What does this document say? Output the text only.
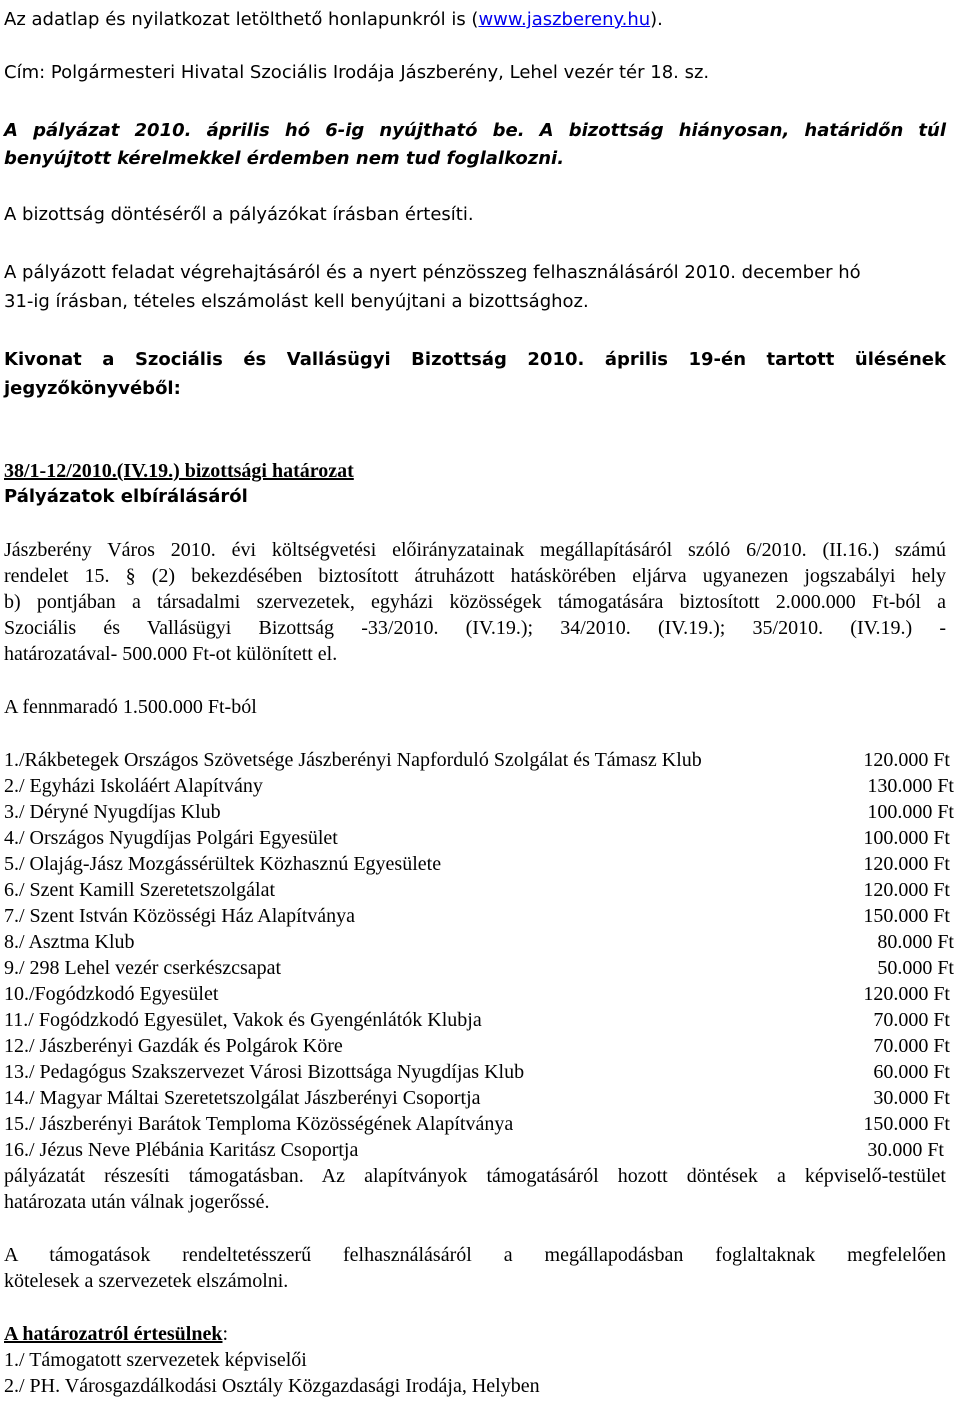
Az adatlap és nyilatkozat letölthető honlapunkról is (www.jaszbereny.hu).
Cím: Polgármesteri Hivatal Szociális Irodája Jászberény, Lehel vezér tér 18. sz.
A pályázat 2010. április hó 6-ig nyújtható be. A bizottság hiányosan, határidőn túl
benyújtott kérelmekkel érdemben nem tud foglalkozni.
A bizottság döntéséről a pályázókat írásban értesíti.
A pályázott feladat végrehajtásáról és a nyert pénzösszeg felhasználásáról 2010. december hó
31-ig írásban, tételes elszámolást kell benyújtani a bizottsághoz.
Kivonat a Szociális és Vallásügyi Bizottság 2010. április 19-én tartott ülésének
jegyzőkönyvéből:
38/1-12/2010.(IV.19.) bizottsági határozat
Pályázatok elbírálásáról
Jászberény Város 2010. évi költségvetési előirányzatainak megállapításáról szóló 6/2010. (II.16.) számú
rendelet 15. § (2) bekezdésében biztosított átruházott hatáskörében eljárva ugyanezen jogszabályi hely
b) pontjában a társadalmi szervezetek, egyházi közösségek támogatására biztosított 2.000.000 Ft-ból a
Szociális és Vallásügyi Bizottság -33/2010. (IV.19.); 34/2010. (IV.19.); 35/2010. (IV.19.) -
határozatával- 500.000 Ft-ot különített el.
A fennmaradó 1.500.000 Ft-ból
1./Rákbetegek Országos Szövetsége Jászberényi Napforduló Szolgálat és Támasz Klub	120.000 Ft
2./ Egyházi Iskoláért Alapítvány	130.000 Ft
3./ Déryné Nyugdíjas Klub	100.000 Ft
4./ Országos Nyugdíjas Polgári Egyesület	100.000 Ft
5./ Olajág-Jász Mozgássérültek Közhasznú Egyesülete	120.000 Ft
6./ Szent Kamill Szeretetszolgálat	120.000 Ft
7./ Szent István Közösségi Ház Alapítványa	150.000 Ft
8./ Asztma Klub	80.000 Ft
9./ 298 Lehel vezér cserkészcsapat	50.000 Ft
10./Fogódzkodó Egyesület	120.000 Ft
11./ Fogódzkodó Egyesület, Vakok és Gyengénlátók Klubja	70.000 Ft
12./ Jászberényi Gazdák és Polgárok Köre	70.000 Ft
13./ Pedagógus Szakszervezet Városi Bizottsága Nyugdíjas Klub	60.000 Ft
14./ Magyar Máltai Szeretetszolgálat Jászberényi Csoportja	30.000 Ft
15./ Jászberényi Barátok Temploma Közösségének Alapítványa	150.000 Ft
16./ Jézus Neve Plébánia Karitász Csoportja	30.000 Ft
pályázatát részesíti támogatásban. Az alapítványok támogatásáról hozott döntések a képviselő-testület
határozata után válnak jogerőssé.
A támogatások rendeltetésszerű felhasználásáról a megállapodásban foglaltaknak megfelelően
kötelesek a szervezetek elszámolni.
A határozatról értesülnek:
1./ Támogatott szervezetek képviselői
2./ PH. Városgazdálkodási Osztály Közgazdasági Irodája, Helyben
